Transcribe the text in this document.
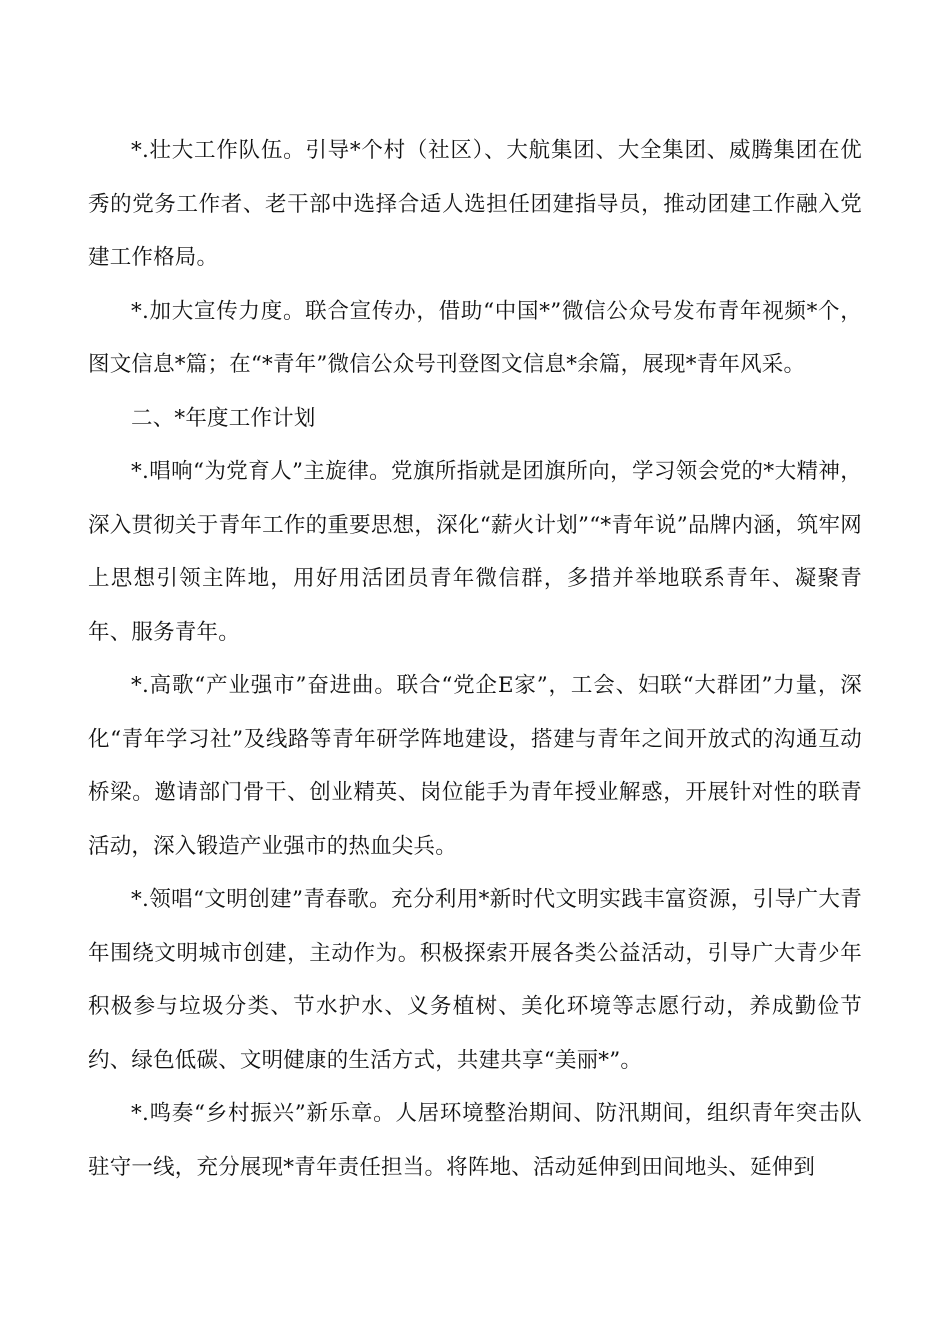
*.壮大工作队伍。引导*个村（社区）、大航集团、大全集团、威腾集团在优秀的党务工作者、老干部中选择合适人选担任团建指导员，推动团建工作融入党建工作格局。

*.加大宣传力度。联合宣传办，借助“中国*”微信公众号发布青年视频*个，图文信息*篇；在“*青年”微信公众号刊登图文信息*余篇，展现*青年风采。

二、*年度工作计划

*.唱响“为党育人”主旋律。党旗所指就是团旗所向，学习领会党的*大精神，深入贯彻关于青年工作的重要思想，深化“薪火计划”“*青年说”品牌内涵，筑牢网上思想引领主阵地，用好用活团员青年微信群，多措并举地联系青年、凝聚青年、服务青年。

*.高歌“产业强市”奋进曲。联合“党企E家”，工会、妇联“大群团”力量，深化“青年学习社”及线路等青年研学阵地建设，搭建与青年之间开放式的沟通互动桥梁。邀请部门骨干、创业精英、岗位能手为青年授业解惑，开展针对性的联青活动，深入锻造产业强市的热血尖兵。

*.领唱“文明创建”青春歌。充分利用*新时代文明实践丰富资源，引导广大青年围绕文明城市创建，主动作为。积极探索开展各类公益活动，引导广大青少年积极参与垃圾分类、节水护水、义务植树、美化环境等志愿行动，养成勤俭节约、绿色低碳、文明健康的生活方式，共建共享“美丽*”。

*.鸣奏“乡村振兴”新乐章。人居环境整治期间、防汛期间，组织青年突击队驻守一线，充分展现*青年责任担当。将阵地、活动延伸到田间地头、延伸到
